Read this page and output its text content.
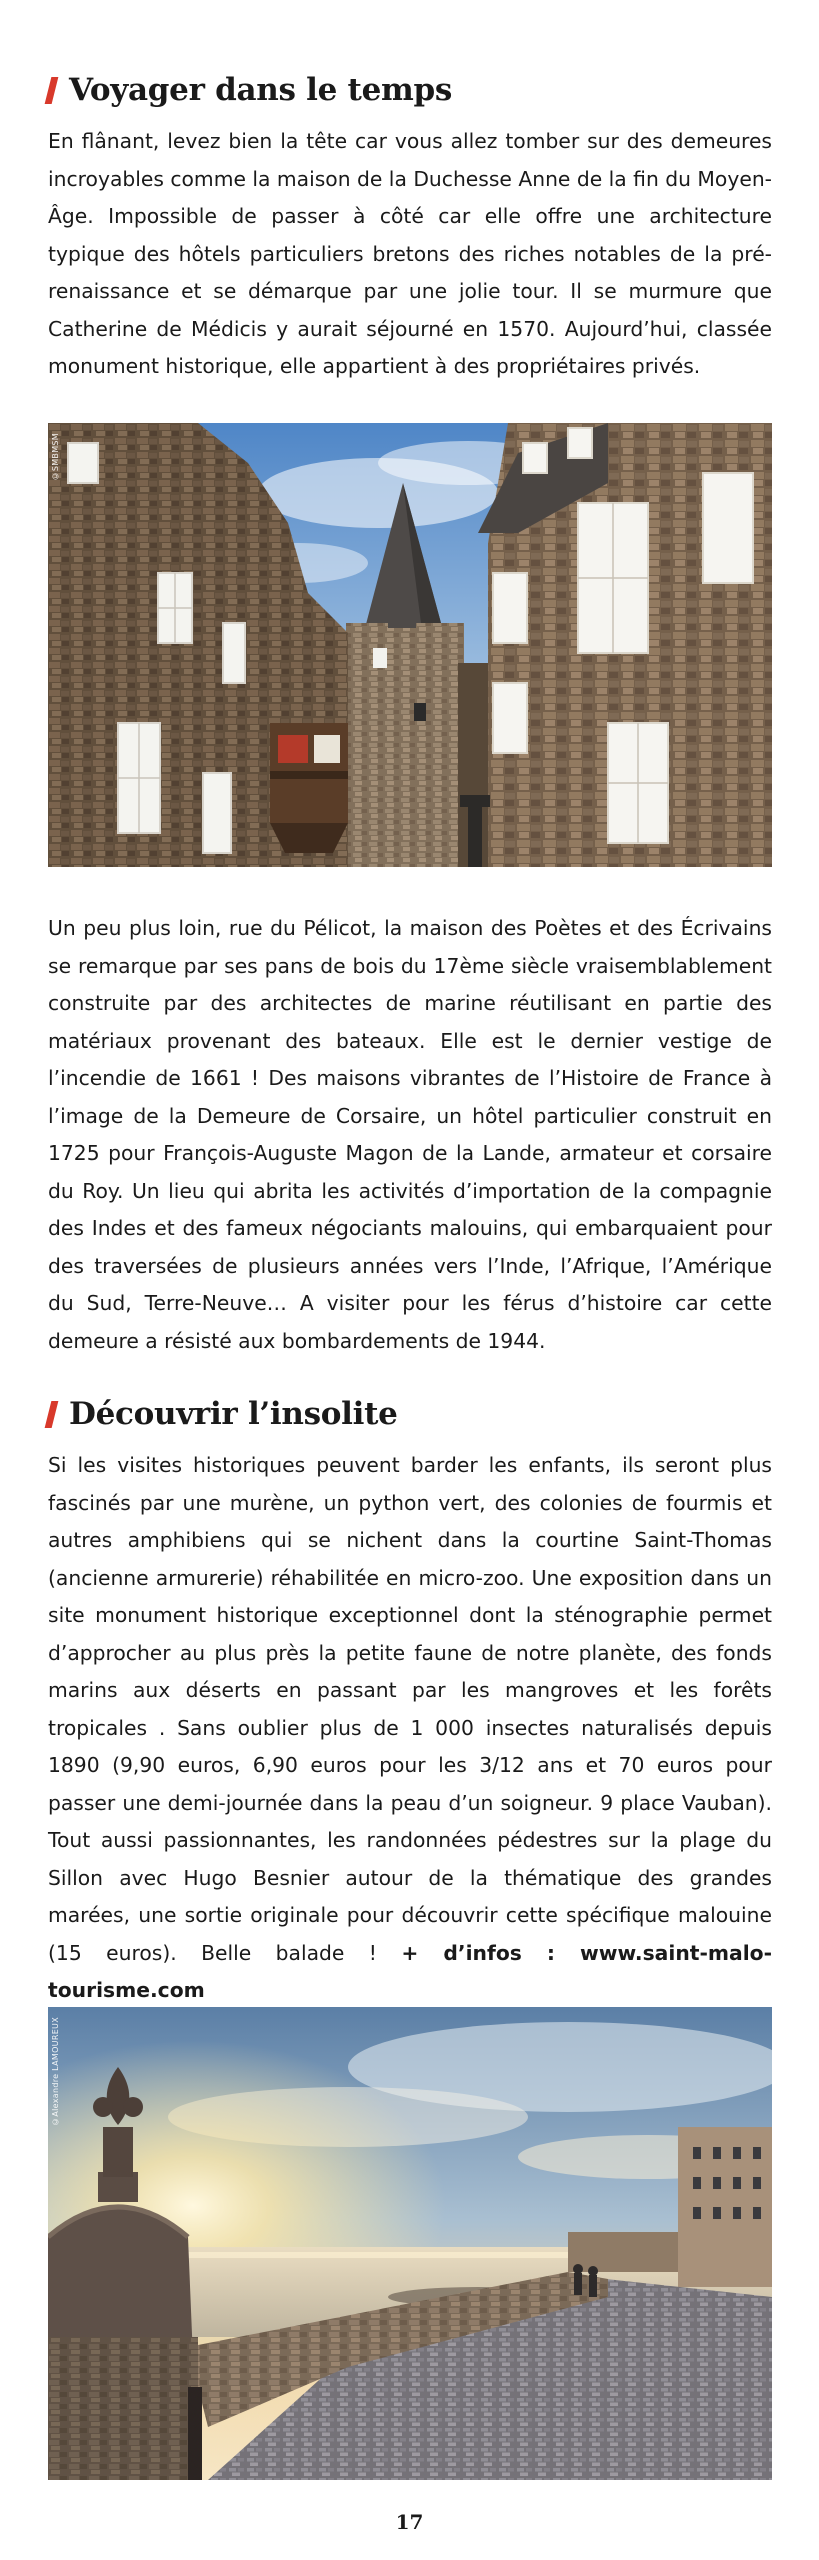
Voyager dans le temps

En flânant, levez bien la tête car vous allez tomber sur des demeures incroyables comme la maison de la Duchesse Anne de la fin du Moyen-Âge. Impossible de passer à côté car elle offre une architecture typique des hôtels particuliers bretons des riches notables de la pré-renaissance et se démarque par une jolie tour. Il se murmure que Catherine de Médicis y aurait séjourné en 1570. Aujourd’hui, classée monument historique, elle appartient à des propriétaires privés.

©SMBMSM

Un peu plus loin, rue du Pélicot, la maison des Poètes et des Écrivains se remarque par ses pans de bois du 17ème siècle vraisemblablement construite par des architectes de marine réutilisant en partie des matériaux provenant des bateaux. Elle est le dernier vestige de l’incendie de 1661 ! Des maisons vibrantes de l’Histoire de France à l’image de la Demeure de Corsaire, un hôtel particulier construit en 1725 pour François-Auguste Magon de la Lande, armateur et corsaire du Roy. Un lieu qui abrita les activités d’importation de la compagnie des Indes et des fameux négociants malouins, qui embarquaient pour des traversées de plusieurs années vers l’Inde, l’Afrique, l’Amérique du Sud, Terre-Neuve… A visiter pour les férus d’histoire car cette demeure a résisté aux bombardements de 1944.

Découvrir l’insolite
Si les visites historiques peuvent barder les enfants, ils seront plus fascinés par une murène, un python vert, des colonies de fourmis et autres amphibiens qui se nichent dans la courtine Saint-Thomas (ancienne armurerie) réhabilitée en micro-zoo. Une exposition dans un site monument historique exceptionnel dont la sténographie permet d’approcher au plus près la petite faune de notre planète, des fonds marins aux déserts en passant par les mangroves et les forêts tropicales . Sans oublier plus de 1 000 insectes naturalisés depuis 1890 (9,90 euros, 6,90 euros pour les 3/12 ans et 70 euros pour passer une demi-journée dans la peau d’un soigneur. 9 place Vauban). Tout aussi passionnantes, les randonnées pédestres sur la plage du Sillon avec Hugo Besnier autour de la thématique des grandes marées, une sortie originale pour découvrir cette spécifique malouine (15 euros). Belle balade ! + d’infos : www.saint-malo-tourisme.com
©Alexandre LAMOUREUX
17
